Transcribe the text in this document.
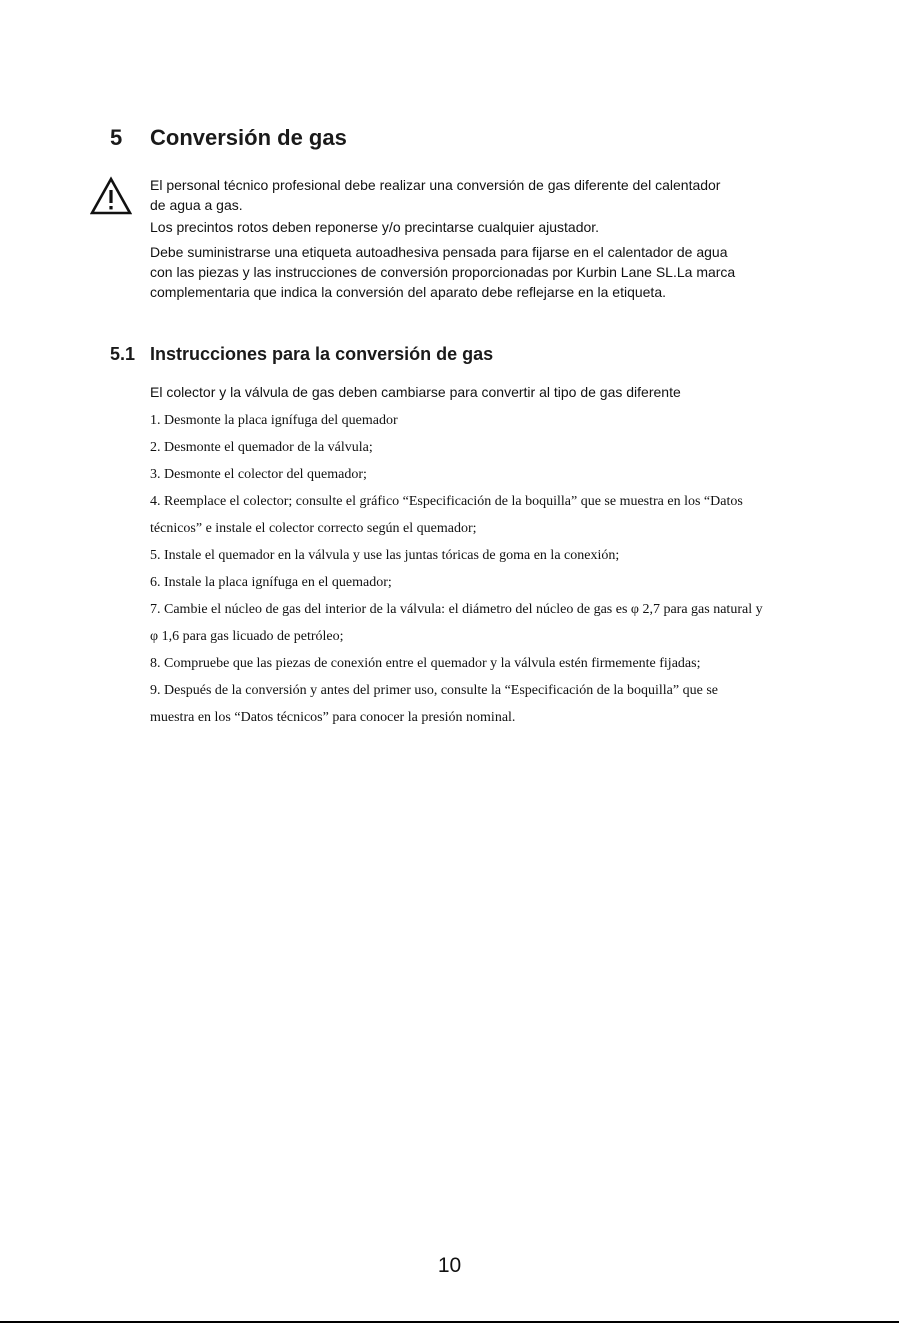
5 Conversión de gas

El personal técnico profesional debe realizar una conversión de gas diferente del calentador
de agua a gas.

Los precintos rotos deben reponerse y/o precintarse cualquier ajustador.

Debe suministrarse una etiqueta autoadhesiva pensada para fijarse en el calentador de agua
con las piezas y las instrucciones de conversión proporcionadas por Kurbin Lane SL.La marca
complementaria que indica la conversión del aparato debe reflejarse en la etiqueta.

5.1 Instrucciones para la conversión de gas

El colector y la válvula de gas deben cambiarse para convertir al tipo de gas diferente

1. Desmonte la placa ignífuga del quemador
2. Desmonte el quemador de la válvula;
3. Desmonte el colector del quemador;
4. Reemplace el colector; consulte el gráfico “Especificación de la boquilla” que se muestra en los “Datos
técnicos” e instale el colector correcto según el quemador;
5. Instale el quemador en la válvula y use las juntas tóricas de goma en la conexión;
6. Instale la placa ignífuga en el quemador;
7. Cambie el núcleo de gas del interior de la válvula: el diámetro del núcleo de gas es φ 2,7 para gas natural y
φ 1,6 para gas licuado de petróleo;
8. Compruebe que las piezas de conexión entre el quemador y la válvula estén firmemente fijadas;
9. Después de la conversión y antes del primer uso, consulte la “Especificación de la boquilla” que se
muestra en los “Datos técnicos” para conocer la presión nominal.
10
